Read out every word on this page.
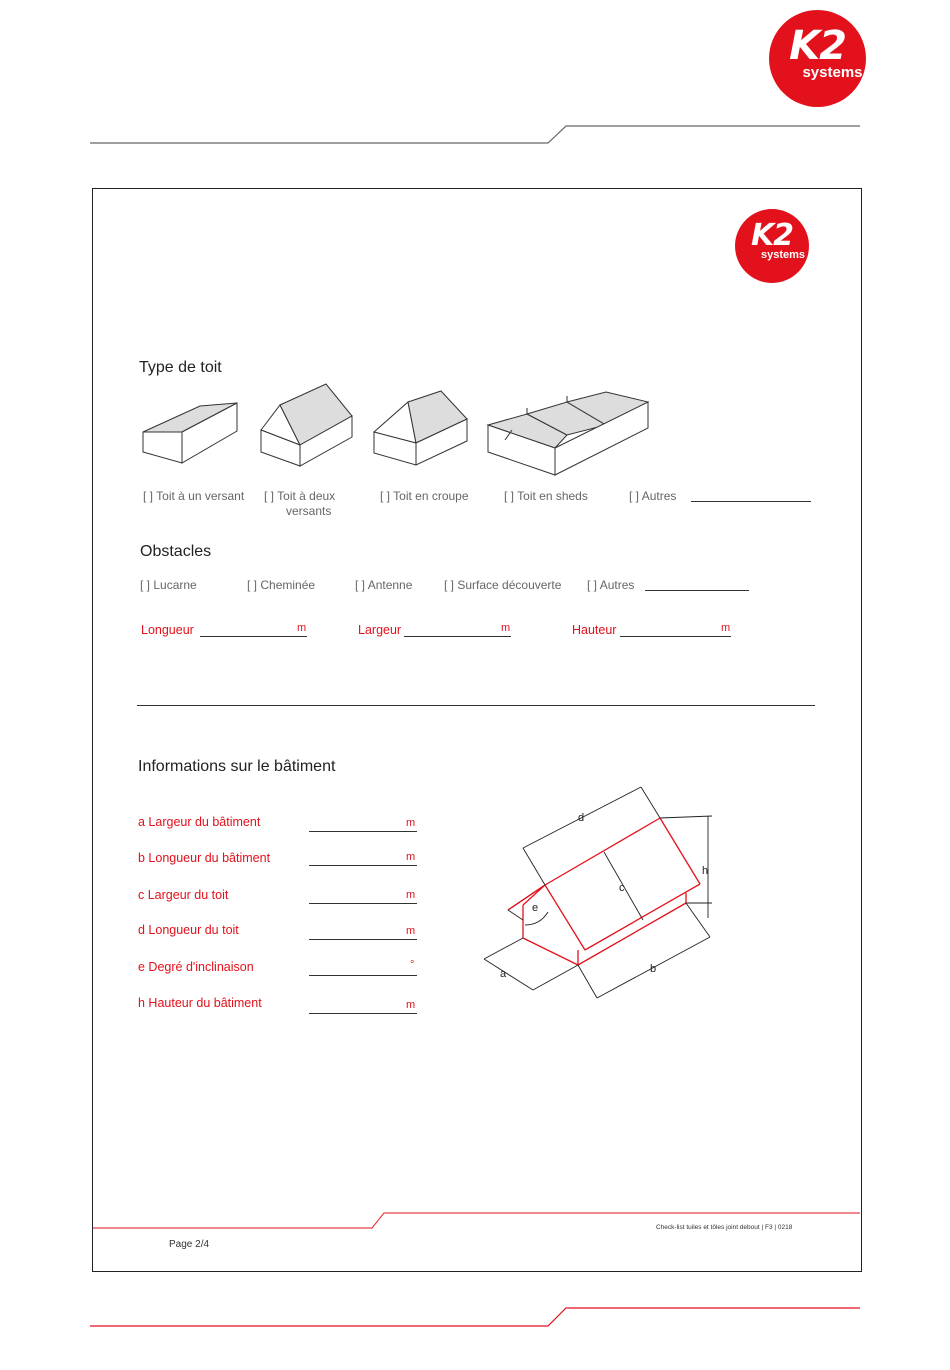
K2
systems
K2
systems
Type de toit
[ ] Toit à un versant [ ] Toit à deux
versants
[ ] Toit en croupe	[ ] Toit en sheds	[ ] Autres
Obstacles
[ ] Lucarne	[ ] Cheminée	[ ] Antenne	[ ] Surface découverte [ ] Autres
Longueur	m	Largeur	m	Hauteur	m
Informations sur le bâtiment
a Largeur du bâtiment	m
b Longueur du bâtiment	m
c Largeur du toit	m
d Longueur du toit	m
e Degré d'inclinaison	°
h Hauteur du bâtiment	m
d
c
h
e
a	b
Page 2/4
Check-list tuiles et tôles joint debout | F3 | 0218
